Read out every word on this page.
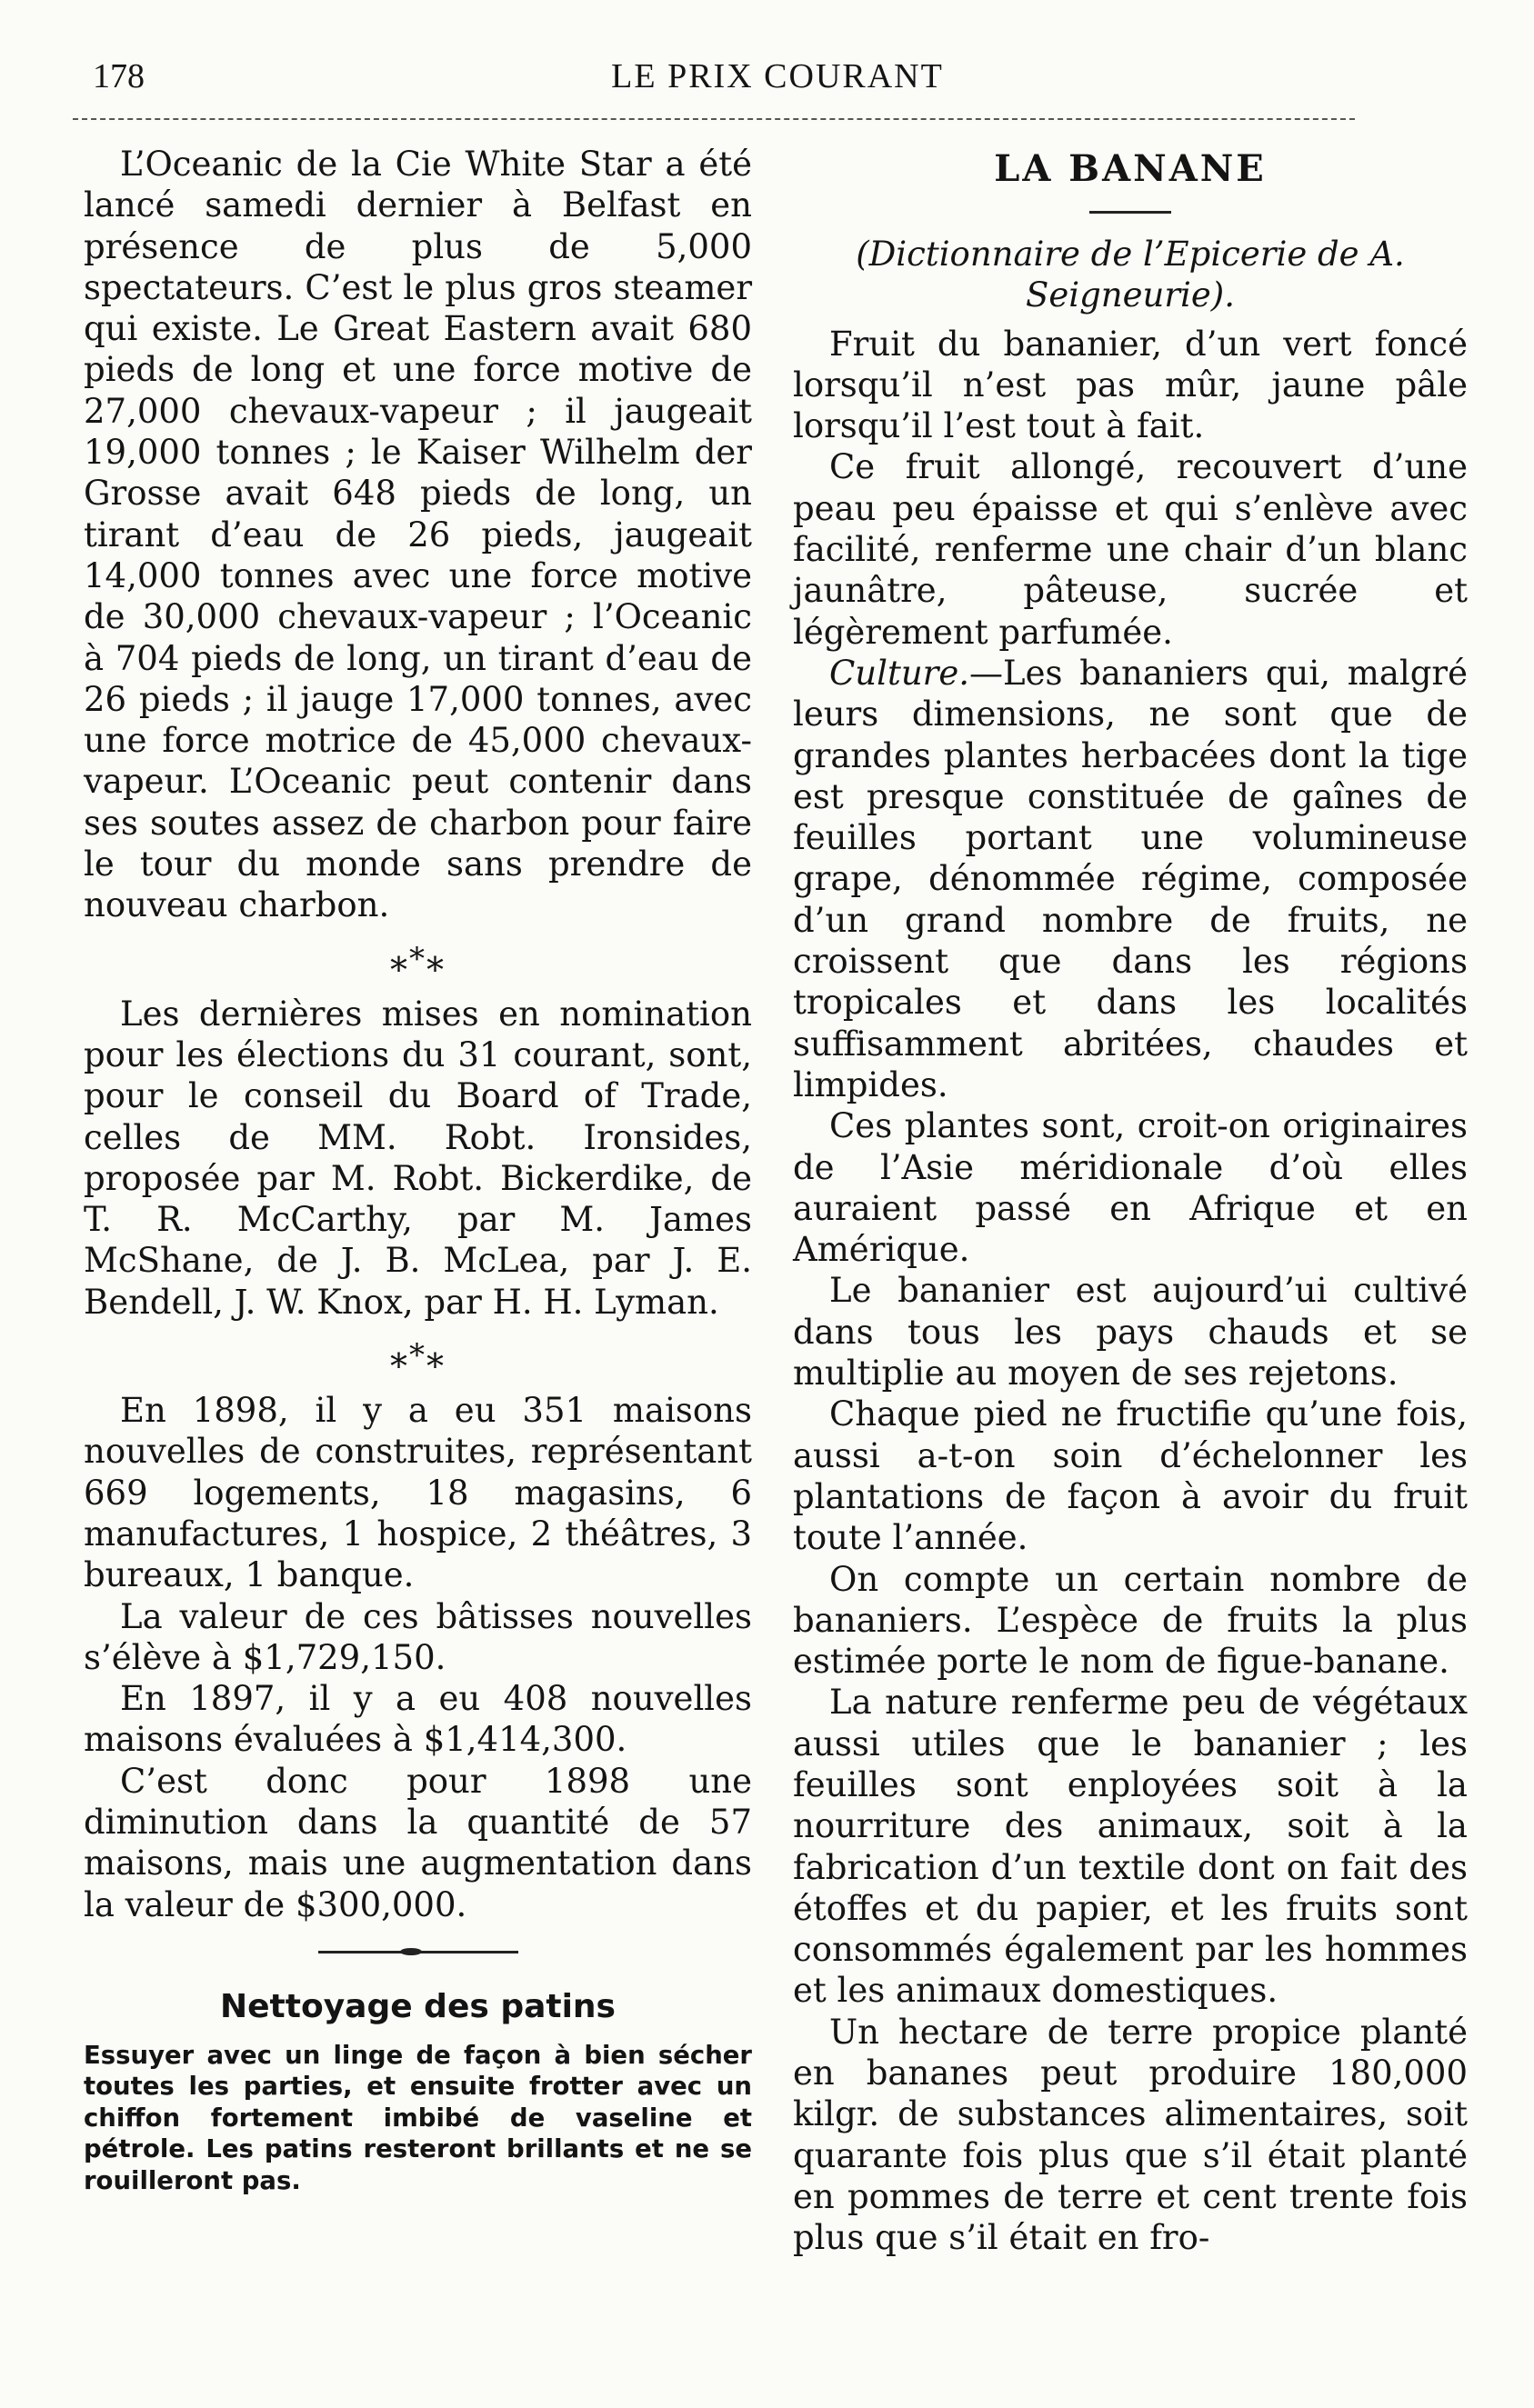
178	LE PRIX COURANT

L’Oceanic de la Cie White Star a été lancé samedi dernier à Belfast en présence de plus de 5,000 spectateurs. C’est le plus gros steamer qui existe. Le Great Eastern avait 680 pieds de long et une force motive de 27,000 chevaux-vapeur ; il jaugeait 19,000 tonnes ; le Kaiser Wilhelm der Grosse avait 648 pieds de long, un tirant d’eau de 26 pieds, jaugeait 14,000 tonnes avec une force motive de 30,000 chevaux-vapeur ; l’Oceanic à 704 pieds de long, un tirant d’eau de 26 pieds ; il jauge 17,000 tonnes, avec une force motrice de 45,000 chevaux-vapeur. L’Oceanic peut contenir dans ses soutes assez de charbon pour faire le tour du monde sans prendre de nouveau charbon.

***

Les dernières mises en nomination pour les élections du 31 courant, sont, pour le conseil du Board of Trade, celles de MM. Robt. Ironsides, proposée par M. Robt. Bickerdike, de T. R. McCarthy, par M. James McShane, de J. B. McLea, par J. E. Bendell, J. W. Knox, par H. H. Lyman.

***

En 1898, il y a eu 351 maisons nouvelles de construites, représentant 669 logements, 18 magasins, 6 manufactures, 1 hospice, 2 théâtres, 3 bureaux, 1 banque.

La valeur de ces bâtisses nouvelles s’élève à $1,729,150.

En 1897, il y a eu 408 nouvelles maisons évaluées à $1,414,300.

C’est donc pour 1898 une diminution dans la quantité de 57 maisons, mais une augmentation dans la valeur de $300,000.

Nettoyage des patins

Essuyer avec un linge de façon à bien sécher toutes les parties, et ensuite frotter avec un chiffon fortement imbibé de vaseline et pétrole. Les patins resteront brillants et ne se rouilleront pas.

LA BANANE

(Dictionnaire de l’Epicerie de A. Seigneurie).

Fruit du bananier, d’un vert foncé lorsqu’il n’est pas mûr, jaune pâle lorsqu’il l’est tout à fait.

Ce fruit allongé, recouvert d’une peau peu épaisse et qui s’enlève avec facilité, renferme une chair d’un blanc jaunâtre, pâteuse, sucrée et légèrement parfumée.

Culture.—Les bananiers qui, malgré leurs dimensions, ne sont que de grandes plantes herbacées dont la tige est presque constituée de gaînes de feuilles portant une volumineuse grape, dénommée régime, composée d’un grand nombre de fruits, ne croissent que dans les régions tropicales et dans les localités suffisamment abritées, chaudes et limpides.

Ces plantes sont, croit-on originaires de l’Asie méridionale d’où elles auraient passé en Afrique et en Amérique.

Le bananier est aujourd’ui cultivé dans tous les pays chauds et se multiplie au moyen de ses rejetons.

Chaque pied ne fructifie qu’une fois, aussi a-t-on soin d’échelonner les plantations de façon à avoir du fruit toute l’année.

On compte un certain nombre de bananiers. L’espèce de fruits la plus estimée porte le nom de figue-banane.

La nature renferme peu de végétaux aussi utiles que le bananier ; les feuilles sont enployées soit à la nourriture des animaux, soit à la fabrication d’un textile dont on fait des étoffes et du papier, et les fruits sont consommés également par les hommes et les animaux domestiques.

Un hectare de terre propice planté en bananes peut produire 180,000 kilgr. de substances alimentaires, soit quarante fois plus que s’il était planté en pommes de terre et cent trente fois plus que s’il était en fro-
